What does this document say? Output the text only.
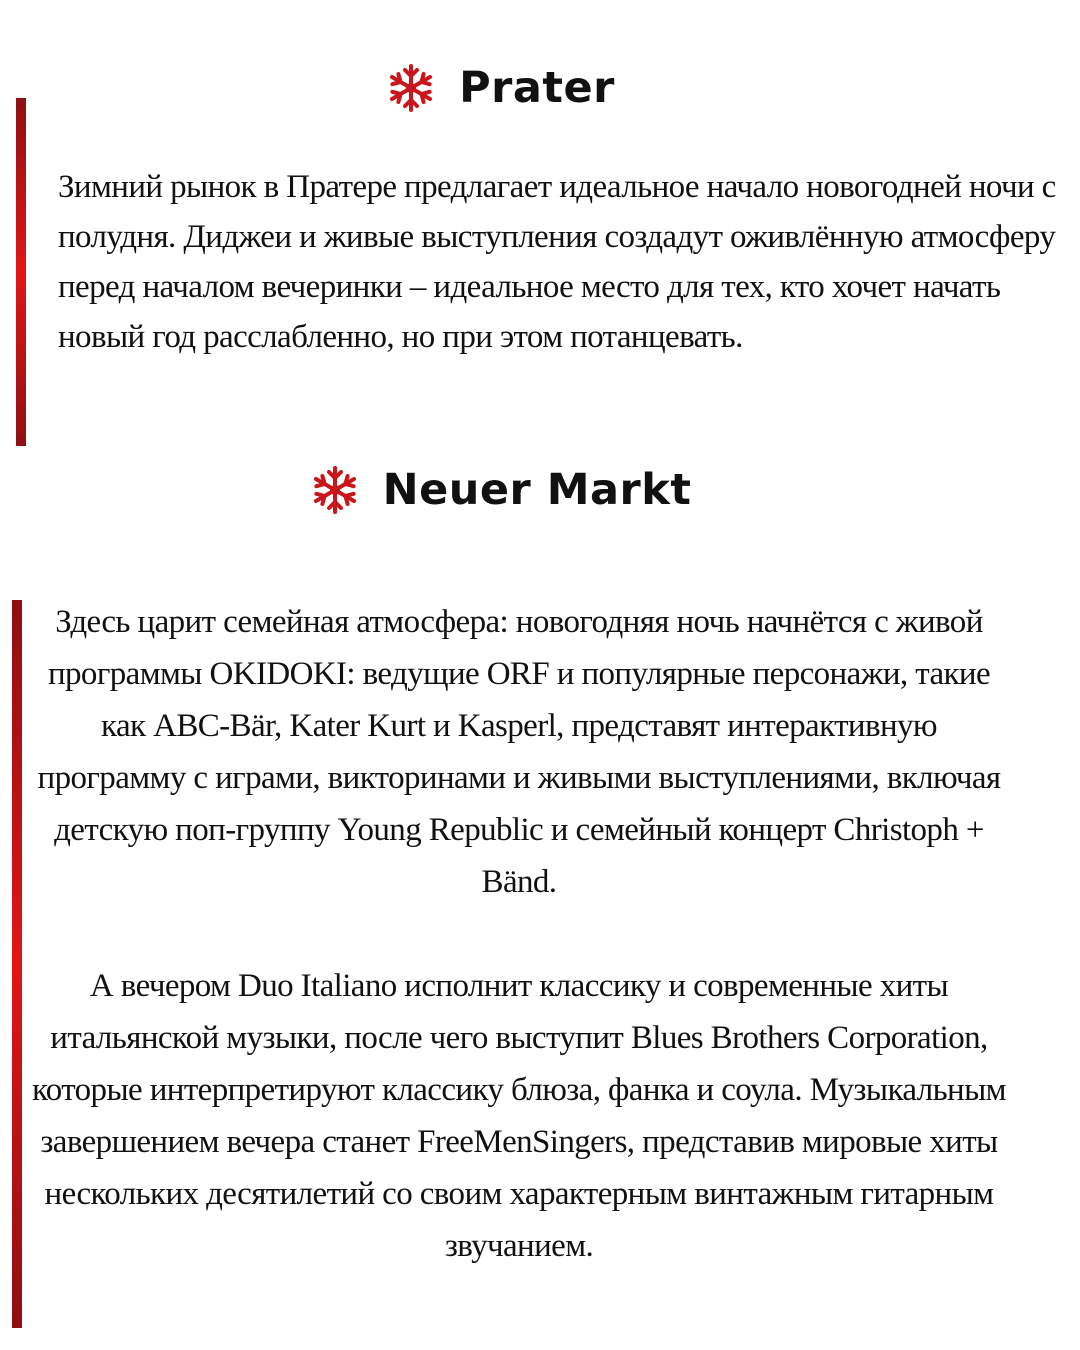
Prater

Зимний рынок в Пратере предлагает идеальное начало новогодней ночи с полудня. Диджеи и живые выступления создадут оживлённую атмосферу перед началом вечеринки – идеальное место для тех, кто хочет начать новый год расслабленно, но при этом потанцевать.

Neuer Markt

Здесь царит семейная атмосфера: новогодняя ночь начнётся с живой программы OKIDOKI: ведущие ORF и популярные персонажи, такие как ABC-Bär, Kater Kurt и Kasperl, представят интерактивную программу с играми, викторинами и живыми выступлениями, включая детскую поп-группу Young Republic и семейный концерт Christoph + Bänd.

А вечером Duo Italiano исполнит классику и современные хиты итальянской музыки, после чего выступит Blues Brothers Corporation, которые интерпретируют классику блюза, фанка и соула. Музыкальным завершением вечера станет FreeMenSingers, представив мировые хиты нескольких десятилетий со своим характерным винтажным гитарным звучанием.
